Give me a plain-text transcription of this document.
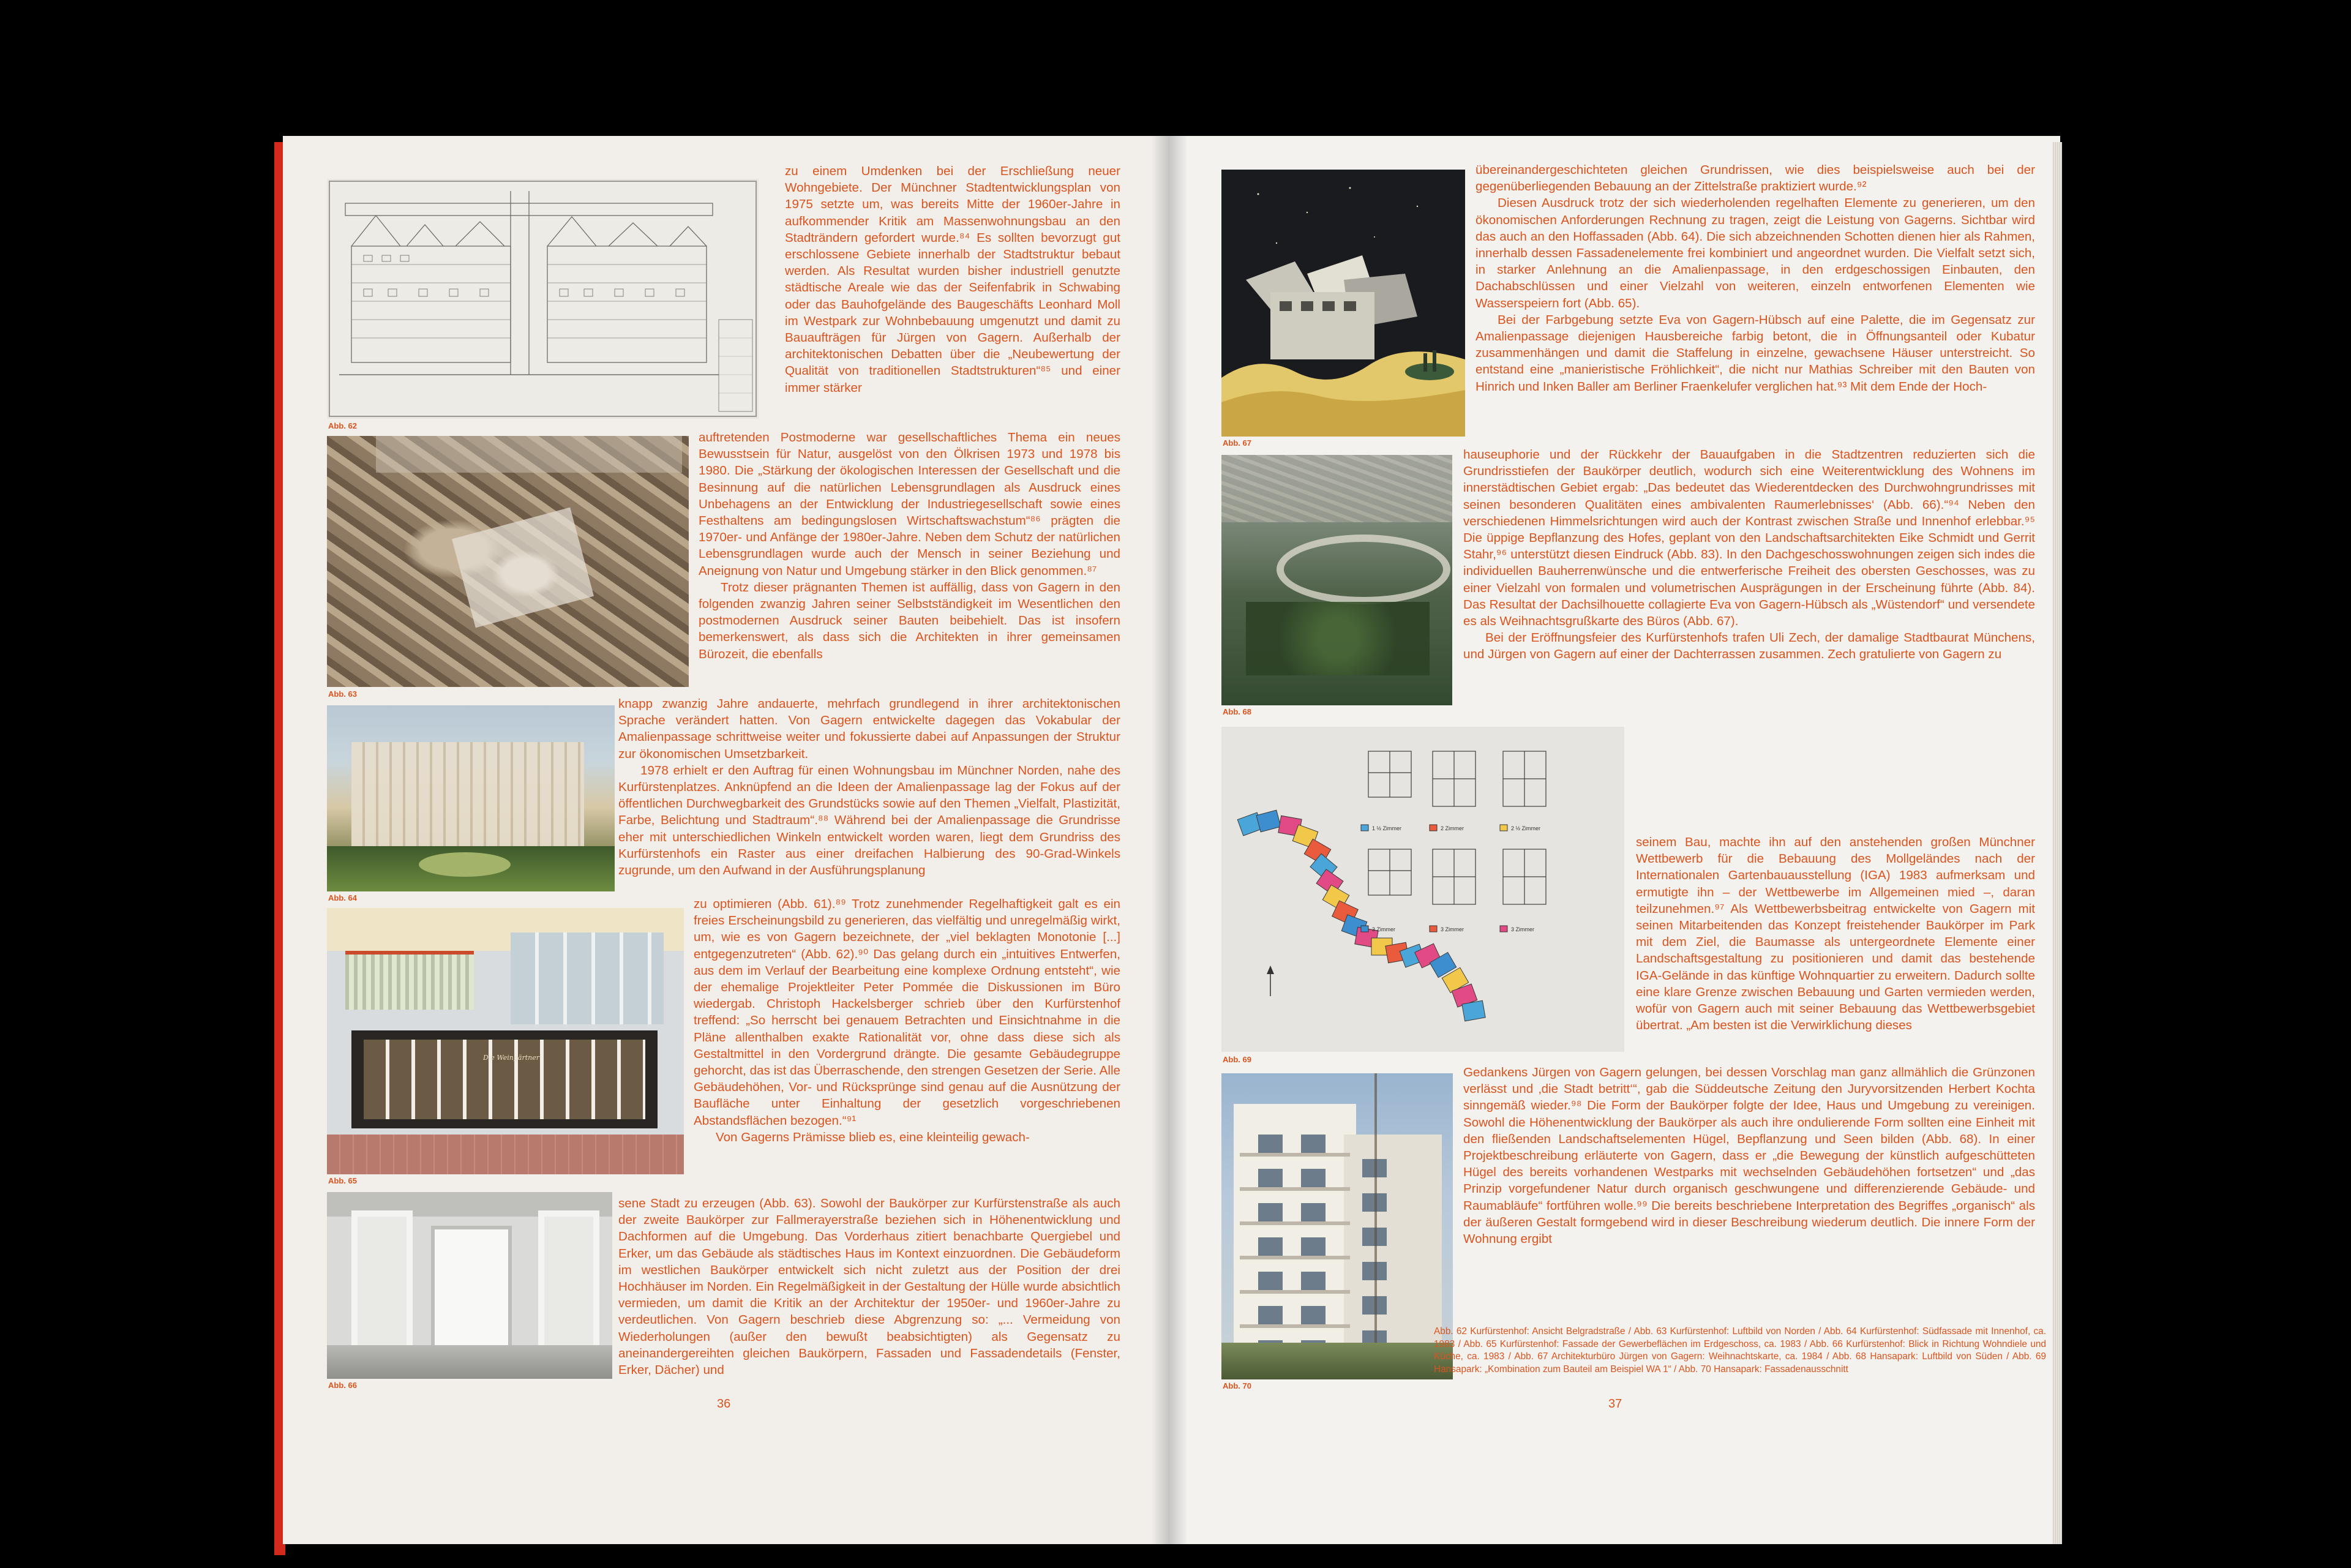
Abb. 62
Abb. 63
Abb. 64
Die Weingärtner
Abb. 65
Abb. 66

zu einem Umdenken bei der Erschließung neuer Wohngebiete. Der Münchner Stadtentwicklungsplan von 1975 setzte um, was bereits Mitte der 1960er-Jahre in aufkommender Kritik am Massenwohnungsbau an den Stadträndern gefordert wurde.⁸⁴ Es sollten bevorzugt gut erschlossene Gebiete innerhalb der Stadtstruktur bebaut werden. Als Resultat wurden bisher industriell genutzte städtische Areale wie das der Seifenfabrik in Schwabing oder das Bauhofgelände des Baugeschäfts Leonhard Moll im Westpark zur Wohnbebauung umgenutzt und damit zu Bauaufträgen für Jürgen von Gagern. Außerhalb der architektonischen Debatten über die „Neubewertung der Qualität von traditionellen Stadtstrukturen“⁸⁵ und einer immer stärker

auftretenden Postmoderne war gesellschaftliches Thema ein neues Bewusstsein für Natur, ausgelöst von den Ölkrisen 1973 und 1978 bis 1980. Die „Stärkung der ökologischen Interessen der Gesellschaft und die Besinnung auf die natürlichen Lebensgrundlagen als Ausdruck eines Unbehagens an der Entwicklung der Industriegesellschaft sowie eines Festhaltens am bedingungslosen Wirtschaftswachstum“⁸⁶ prägten die 1970er- und Anfänge der 1980er-Jahre. Neben dem Schutz der natürlichen Lebensgrundlagen wurde auch der Mensch in seiner Beziehung und Aneignung von Natur und Umgebung stärker in den Blick genommen.⁸⁷

Trotz dieser prägnanten Themen ist auffällig, dass von Gagern in den folgenden zwanzig Jahren seiner Selbstständigkeit im Wesentlichen den postmodernen Ausdruck seiner Bauten beibehielt. Das ist insofern bemerkenswert, als dass sich die Architekten in ihrer gemeinsamen Bürozeit, die ebenfalls

knapp zwanzig Jahre andauerte, mehrfach grundlegend in ihrer architektonischen Sprache verändert hatten. Von Gagern entwickelte dagegen das Vokabular der Amalienpassage schrittweise weiter und fokussierte dabei auf Anpassungen der Struktur zur ökonomischen Umsetzbarkeit.

1978 erhielt er den Auftrag für einen Wohnungsbau im Münchner Norden, nahe des Kurfürstenplatzes. Anknüpfend an die Ideen der Amalienpassage lag der Fokus auf der öffentlichen Durchwegbarkeit des Grundstücks sowie auf den Themen „Vielfalt, Plastizität, Farbe, Belichtung und Stadtraum“.⁸⁸ Während bei der Amalienpassage die Grundrisse eher mit unterschiedlichen Winkeln entwickelt worden waren, liegt dem Grundriss des Kurfürstenhofs ein Raster aus einer dreifachen Halbierung des 90-Grad-Winkels zugrunde, um den Aufwand in der Ausführungsplanung

zu optimieren (Abb. 61).⁸⁹ Trotz zunehmender Regelhaftigkeit galt es ein freies Erscheinungsbild zu generieren, das vielfältig und unregelmäßig wirkt, um, wie es von Gagern bezeichnete, der „viel beklagten Monotonie [...] entgegenzutreten“ (Abb. 62).⁹⁰ Das gelang durch ein „intuitives Entwerfen, aus dem im Verlauf der Bearbeitung eine komplexe Ordnung entsteht“, wie der ehemalige Projektleiter Peter Pommée die Diskussionen im Büro wiedergab. Christoph Hackelsberger schrieb über den Kurfürstenhof treffend: „So herrscht bei genauem Betrachten und Einsichtnahme in die Pläne allenthalben exakte Rationalität vor, ohne dass diese sich als Gestaltmittel in den Vordergrund drängte. Die gesamte Gebäudegruppe gehorcht, das ist das Überraschende, den strengen Gesetzen der Serie. Alle Gebäudehöhen, Vor- und Rücksprünge sind genau auf die Ausnützung der Baufläche unter Einhaltung der gesetzlich vorgeschriebenen Abstandsflächen bezogen.“⁹¹

Von Gagerns Prämisse blieb es, eine kleinteilig gewach-

sene Stadt zu erzeugen (Abb. 63). Sowohl der Baukörper zur Kurfürstenstraße als auch der zweite Baukörper zur Fallmerayerstraße beziehen sich in Höhenentwicklung und Dachformen auf die Umgebung. Das Vorderhaus zitiert benachbarte Quergiebel und Erker, um das Gebäude als städtisches Haus im Kontext einzuordnen. Die Gebäudeform im westlichen Baukörper entwickelt sich nicht zuletzt aus der Position der drei Hochhäuser im Norden. Ein Regelmäßigkeit in der Gestaltung der Hülle wurde absichtlich vermieden, um damit die Kritik an der Architektur der 1950er- und 1960er-Jahre zu verdeutlichen. Von Gagern beschrieb diese Abgrenzung so: „... Vermeidung von Wiederholungen (außer den bewußt beabsichtigten) als Gegensatz zu aneinandergereihten gleichen Baukörpern, Fassaden und Fassadendetails (Fenster, Erker, Dächer) und

36
Abb. 67
Abb. 68
1 ½ Zimmer	2 Zimmer	2 ½ Zimmer
3 Zimmer	3 Zimmer	3 Zimmer
Abb. 69
Abb. 70

übereinandergeschichteten gleichen Grundrissen, wie dies beispielsweise auch bei der gegenüberliegenden Bebauung an der Zittelstraße praktiziert wurde.⁹²

Diesen Ausdruck trotz der sich wiederholenden regelhaften Elemente zu generieren, um den ökonomischen Anforderungen Rechnung zu tragen, zeigt die Leistung von Gagerns. Sichtbar wird das auch an den Hoffassaden (Abb. 64). Die sich abzeichnenden Schotten dienen hier als Rahmen, innerhalb dessen Fassadenelemente frei kombiniert und angeordnet wurden. Die Vielfalt setzt sich, in starker Anlehnung an die Amalienpassage, in den erdgeschossigen Einbauten, den Dachabschlüssen und einer Vielzahl von weiteren, einzeln entworfenen Elementen wie Wasserspeiern fort (Abb. 65).

Bei der Farbgebung setzte Eva von Gagern-Hübsch auf eine Palette, die im Gegensatz zur Amalienpassage diejenigen Hausbereiche farbig betont, die in Öffnungsanteil oder Kubatur zusammenhängen und damit die Staffelung in einzelne, gewachsene Häuser unterstreicht. So entstand eine „manieristische Fröhlichkeit“, die nicht nur Mathias Schreiber mit den Bauten von Hinrich und Inken Baller am Berliner Fraenkelufer verglichen hat.⁹³ Mit dem Ende der Hoch-

hauseuphorie und der Rückkehr der Bauaufgaben in die Stadtzentren reduzierten sich die Grundrisstiefen der Baukörper deutlich, wodurch sich eine Weiterentwicklung des Wohnens im innerstädtischen Gebiet ergab: „Das bedeutet das Wiederentdecken des Durchwohngrundrisses mit seinen besonderen Qualitäten eines ambivalenten Raumerlebnisses‘ (Abb. 66).“⁹⁴ Neben den verschiedenen Himmelsrichtungen wird auch der Kontrast zwischen Straße und Innenhof erlebbar.⁹⁵ Die üppige Bepflanzung des Hofes, geplant von den Landschaftsarchitekten Eike Schmidt und Gerrit Stahr,⁹⁶ unterstützt diesen Eindruck (Abb. 83). In den Dachgeschosswohnungen zeigen sich indes die individuellen Bauherrenwünsche und die entwerferische Freiheit des obersten Geschosses, was zu einer Vielzahl von formalen und volumetrischen Ausprägungen in der Erscheinung führte (Abb. 84). Das Resultat der Dachsilhouette collagierte Eva von Gagern-Hübsch als „Wüstendorf“ und versendete es als Weihnachtsgrußkarte des Büros (Abb. 67).

Bei der Eröffnungsfeier des Kurfürstenhofs trafen Uli Zech, der damalige Stadtbaurat Münchens, und Jürgen von Gagern auf einer der Dachterrassen zusammen. Zech gratulierte von Gagern zu

seinem Bau, machte ihn auf den anstehenden großen Münchner Wettbewerb für die Bebauung des Mollgeländes nach der Internationalen Gartenbauausstellung (IGA) 1983 aufmerksam und ermutigte ihn – der Wettbewerbe im Allgemeinen mied –, daran teilzunehmen.⁹⁷ Als Wettbewerbsbeitrag entwickelte von Gagern mit seinen Mitarbeitenden das Konzept freistehender Baukörper im Park mit dem Ziel, die Baumasse als untergeordnete Elemente einer Landschaftsgestaltung zu positionieren und damit das bestehende IGA-Gelände in das künftige Wohnquartier zu erweitern. Dadurch sollte eine klare Grenze zwischen Bebauung und Garten vermieden werden, wofür von Gagern auch mit seiner Bebauung das Wettbewerbsgebiet übertrat. „Am besten ist die Verwirklichung dieses

Gedankens Jürgen von Gagern gelungen, bei dessen Vorschlag man ganz allmählich die Grünzonen verlässt und ‚die Stadt betritt‘“, gab die Süddeutsche Zeitung den Juryvorsitzenden Herbert Kochta sinngemäß wieder.⁹⁸ Die Form der Baukörper folgte der Idee, Haus und Umgebung zu vereinigen. Sowohl die Höhenentwicklung der Baukörper als auch ihre ondulierende Form sollten eine Einheit mit den fließenden Landschaftselementen Hügel, Bepflanzung und Seen bilden (Abb. 68). In einer Projektbeschreibung erläuterte von Gagern, dass er „die Bewegung der künstlich aufgeschütteten Hügel des bereits vorhandenen Westparks mit wechselnden Gebäudehöhen fortsetzen“ und „das Prinzip vorgefundener Natur durch organisch geschwungene und differenzierende Gebäude- und Raumabläufe“ fortführen wolle.⁹⁹ Die bereits beschriebene Interpretation des Begriffes „organisch“ als der äußeren Gestalt formgebend wird in dieser Beschreibung wiederum deutlich. Die innere Form der Wohnung ergibt

Abb. 62 Kurfürstenhof: Ansicht Belgradstraße / Abb. 63 Kurfürstenhof: Luftbild von Norden / Abb. 64 Kurfürstenhof: Südfassade mit Innenhof, ca. 1983 / Abb. 65 Kurfürstenhof: Fassade der Gewerbeflächen im Erdgeschoss, ca. 1983 / Abb. 66 Kurfürstenhof: Blick in Richtung Wohndiele und Küche, ca. 1983 / Abb. 67 Architekturbüro Jürgen von Gagern: Weihnachtskarte, ca. 1984 / Abb. 68 Hansapark: Luftbild von Süden / Abb. 69 Hansapark: „Kombination zum Bauteil am Beispiel WA 1“ / Abb. 70 Hansapark: Fassadenausschnitt
37
